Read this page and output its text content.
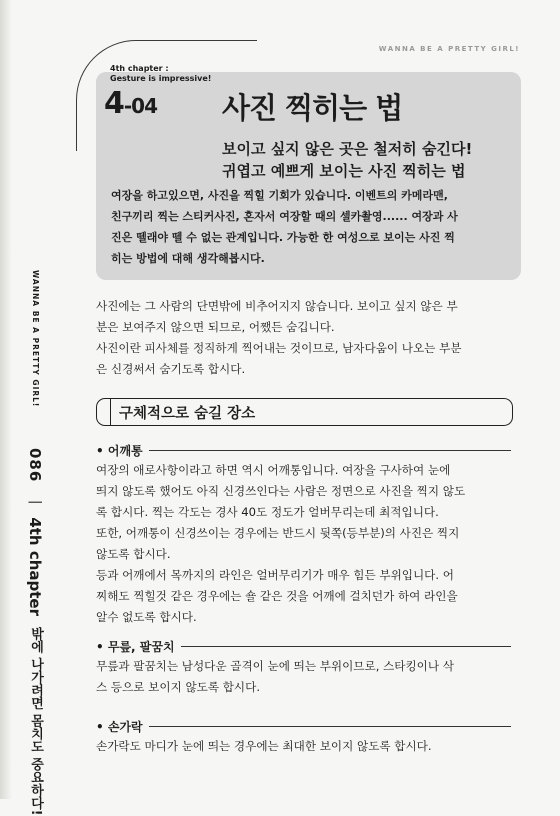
WANNA BE A PRETTY GIRL!
WANNA BE A PRETTY GIRL! 086 | 4th chapter 밖에 나가려면 몸치도 중요하다!
4th chapter :
Gesture is impressive!
4-04 사진 찍히는 법
보이고 싶지 않은 곳은 철저히 숨긴다!
귀엽고 예쁘게 보이는 사진 찍히는 법
여장을 하고있으면, 사진을 찍힐 기회가 있습니다. 이벤트의 카메라맨,
친구끼리 찍는 스티커사진, 혼자서 여장할 때의 셀카촬영...... 여장과 사
진은 뗄래야 뗄 수 없는 관계입니다. 가능한 한 여성으로 보이는 사진 찍
히는 방법에 대해 생각해봅시다.

사진에는 그 사람의 단면밖에 비추어지지 않습니다. 보이고 싶지 않은 부

분은 보여주지 않으면 되므로, 어쨌든 숨깁니다.

사진이란 피사체를 정직하게 찍어내는 것이므로, 남자다움이 나오는 부분

은 신경써서 숨기도록 합시다.

구체적으로 숨길 장소
• 어깨통

여장의 애로사항이라고 하면 역시 어깨통입니다. 여장을 구사하여 눈에

띄지 않도록 했어도 아직 신경쓰인다는 사람은 정면으로 사진을 찍지 않도

록 합시다. 찍는 각도는 경사 40도 정도가 얼버무리는데 최적입니다.

또한, 어깨통이 신경쓰이는 경우에는 반드시 뒷쪽(등부분)의 사진은 찍지

않도록 합시다.

등과 어깨에서 목까지의 라인은 얼버무리기가 매우 힘든 부위입니다. 어

찌해도 찍힐것 같은 경우에는 숄 같은 것을 어깨에 걸치던가 하여 라인을

알수 없도록 합시다.

• 무릎, 팔꿈치

무릎과 팔꿈치는 남성다운 골격이 눈에 띄는 부위이므로, 스타킹이나 삭

스 등으로 보이지 않도록 합시다.

• 손가락

손가락도 마디가 눈에 띄는 경우에는 최대한 보이지 않도록 합시다.
